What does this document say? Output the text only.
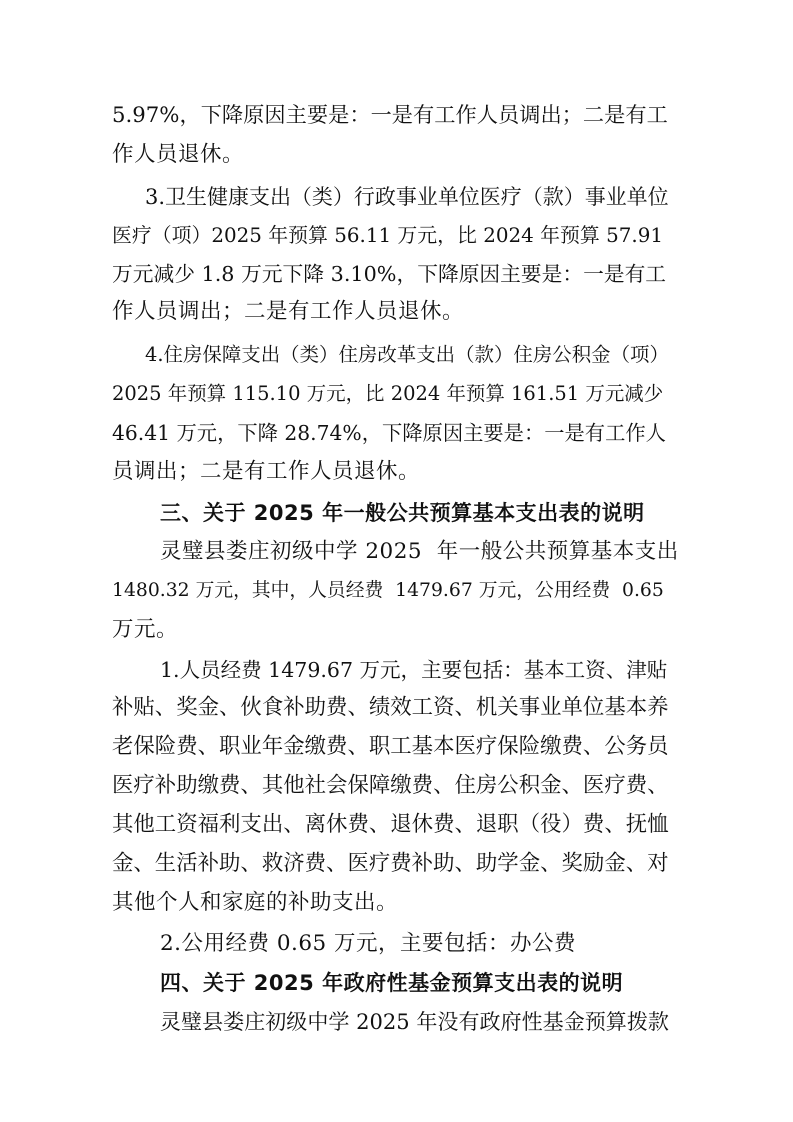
5.97%，下降原因主要是：一是有工作人员调出；二是有工
作人员退休。
3.卫生健康支出（类）行政事业单位医疗（款）事业单位
医疗（项）2025 年预算 56.11 万元，比 2024 年预算 57.91
万元减少 1.8 万元下降 3.10%，下降原因主要是：一是有工
作人员调出；二是有工作人员退休。
4.住房保障支出（类）住房改革支出（款）住房公积金（项）
2025 年预算 115.10 万元，比 2024 年预算 161.51 万元减少
46.41 万元，下降 28.74%，下降原因主要是：一是有工作人
员调出；二是有工作人员退休。
三、关于 2025 年一般公共预算基本支出表的说明
灵璧县娄庄初级中学 2025  年一般公共预算基本支出
1480.32 万元，其中，人员经费  1479.67 万元，公用经费  0.65
万元。
1.人员经费 1479.67 万元，主要包括：基本工资、津贴
补贴、奖金、伙食补助费、绩效工资、机关事业单位基本养
老保险费、职业年金缴费、职工基本医疗保险缴费、公务员
医疗补助缴费、其他社会保障缴费、住房公积金、医疗费、
其他工资福利支出、离休费、退休费、退职（役）费、抚恤
金、生活补助、救济费、医疗费补助、助学金、奖励金、对
其他个人和家庭的补助支出。
2.公用经费 0.65 万元，主要包括：办公费
四、关于 2025 年政府性基金预算支出表的说明
灵璧县娄庄初级中学 2025 年没有政府性基金预算拨款
